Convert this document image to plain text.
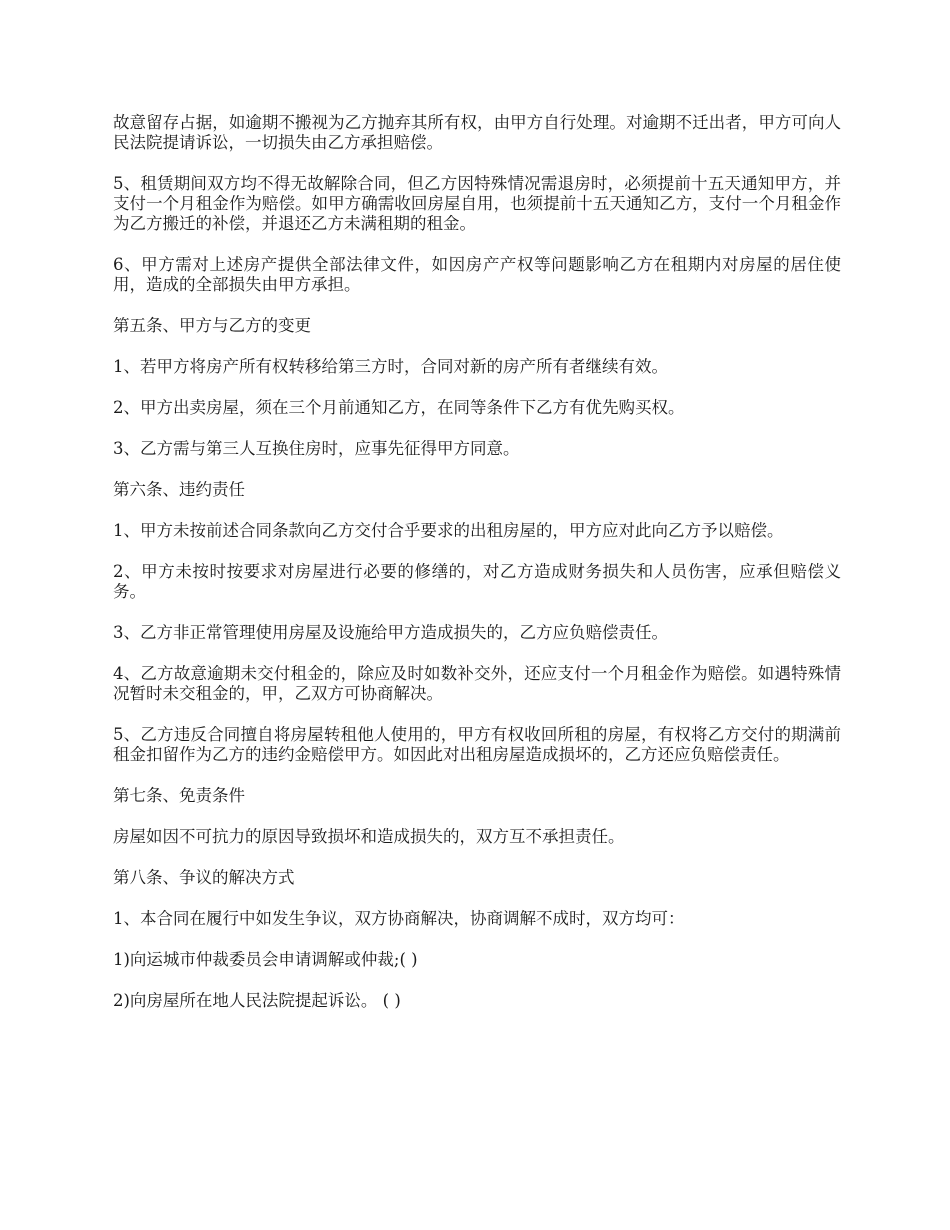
故意留存占据，如逾期不搬视为乙方抛弃其所有权，由甲方自行处理。对逾期不迁出者，甲方可向人民法院提请诉讼，一切损失由乙方承担赔偿。

5、租赁期间双方均不得无故解除合同，但乙方因特殊情况需退房时，必须提前十五天通知甲方，并支付一个月租金作为赔偿。如甲方确需收回房屋自用，也须提前十五天通知乙方，支付一个月租金作为乙方搬迁的补偿，并退还乙方未满租期的租金。

6、甲方需对上述房产提供全部法律文件，如因房产产权等问题影响乙方在租期内对房屋的居住使用，造成的全部损失由甲方承担。

第五条、甲方与乙方的变更

1、若甲方将房产所有权转移给第三方时，合同对新的房产所有者继续有效。

2、甲方出卖房屋，须在三个月前通知乙方，在同等条件下乙方有优先购买权。

3、乙方需与第三人互换住房时，应事先征得甲方同意。

第六条、违约责任

1、甲方未按前述合同条款向乙方交付合乎要求的出租房屋的，甲方应对此向乙方予以赔偿。

2、甲方未按时按要求对房屋进行必要的修缮的，对乙方造成财务损失和人员伤害，应承但赔偿义务。

3、乙方非正常管理使用房屋及设施给甲方造成损失的，乙方应负赔偿责任。

4、乙方故意逾期未交付租金的，除应及时如数补交外，还应支付一个月租金作为赔偿。如遇特殊情况暂时未交租金的，甲，乙双方可协商解决。

5、乙方违反合同擅自将房屋转租他人使用的，甲方有权收回所租的房屋，有权将乙方交付的期满前租金扣留作为乙方的违约金赔偿甲方。如因此对出租房屋造成损坏的，乙方还应负赔偿责任。

第七条、免责条件

房屋如因不可抗力的原因导致损坏和造成损失的，双方互不承担责任。

第八条、争议的解决方式

1、本合同在履行中如发生争议，双方协商解决，协商调解不成时，双方均可：

1)向运城市仲裁委员会申请调解或仲裁;( )

2)向房屋所在地人民法院提起诉讼。 ( )
